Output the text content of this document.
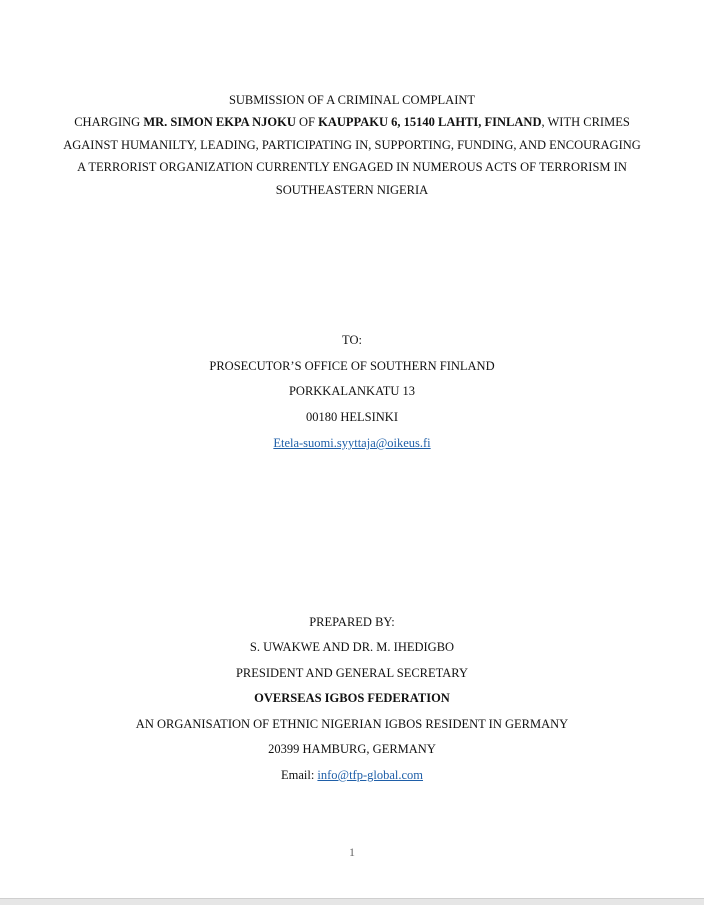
SUBMISSION OF A CRIMINAL COMPLAINT
CHARGING MR. SIMON EKPA NJOKU OF KAUPPAKU 6, 15140 LAHTI, FINLAND, WITH CRIMES
AGAINST HUMANILTY, LEADING, PARTICIPATING IN, SUPPORTING, FUNDING, AND ENCOURAGING
A TERRORIST ORGANIZATION CURRENTLY ENGAGED IN NUMEROUS ACTS OF TERRORISM IN
SOUTHEASTERN NIGERIA
TO:
PROSECUTOR’S OFFICE OF SOUTHERN FINLAND
PORKKALANKATU 13
00180 HELSINKI
Etela-suomi.syyttaja@oikeus.fi
PREPARED BY:
S. UWAKWE AND DR. M. IHEDIGBO
PRESIDENT AND GENERAL SECRETARY
OVERSEAS IGBOS FEDERATION
AN ORGANISATION OF ETHNIC NIGERIAN IGBOS RESIDENT IN GERMANY
20399 HAMBURG, GERMANY
Email: info@tfp-global.com
1
